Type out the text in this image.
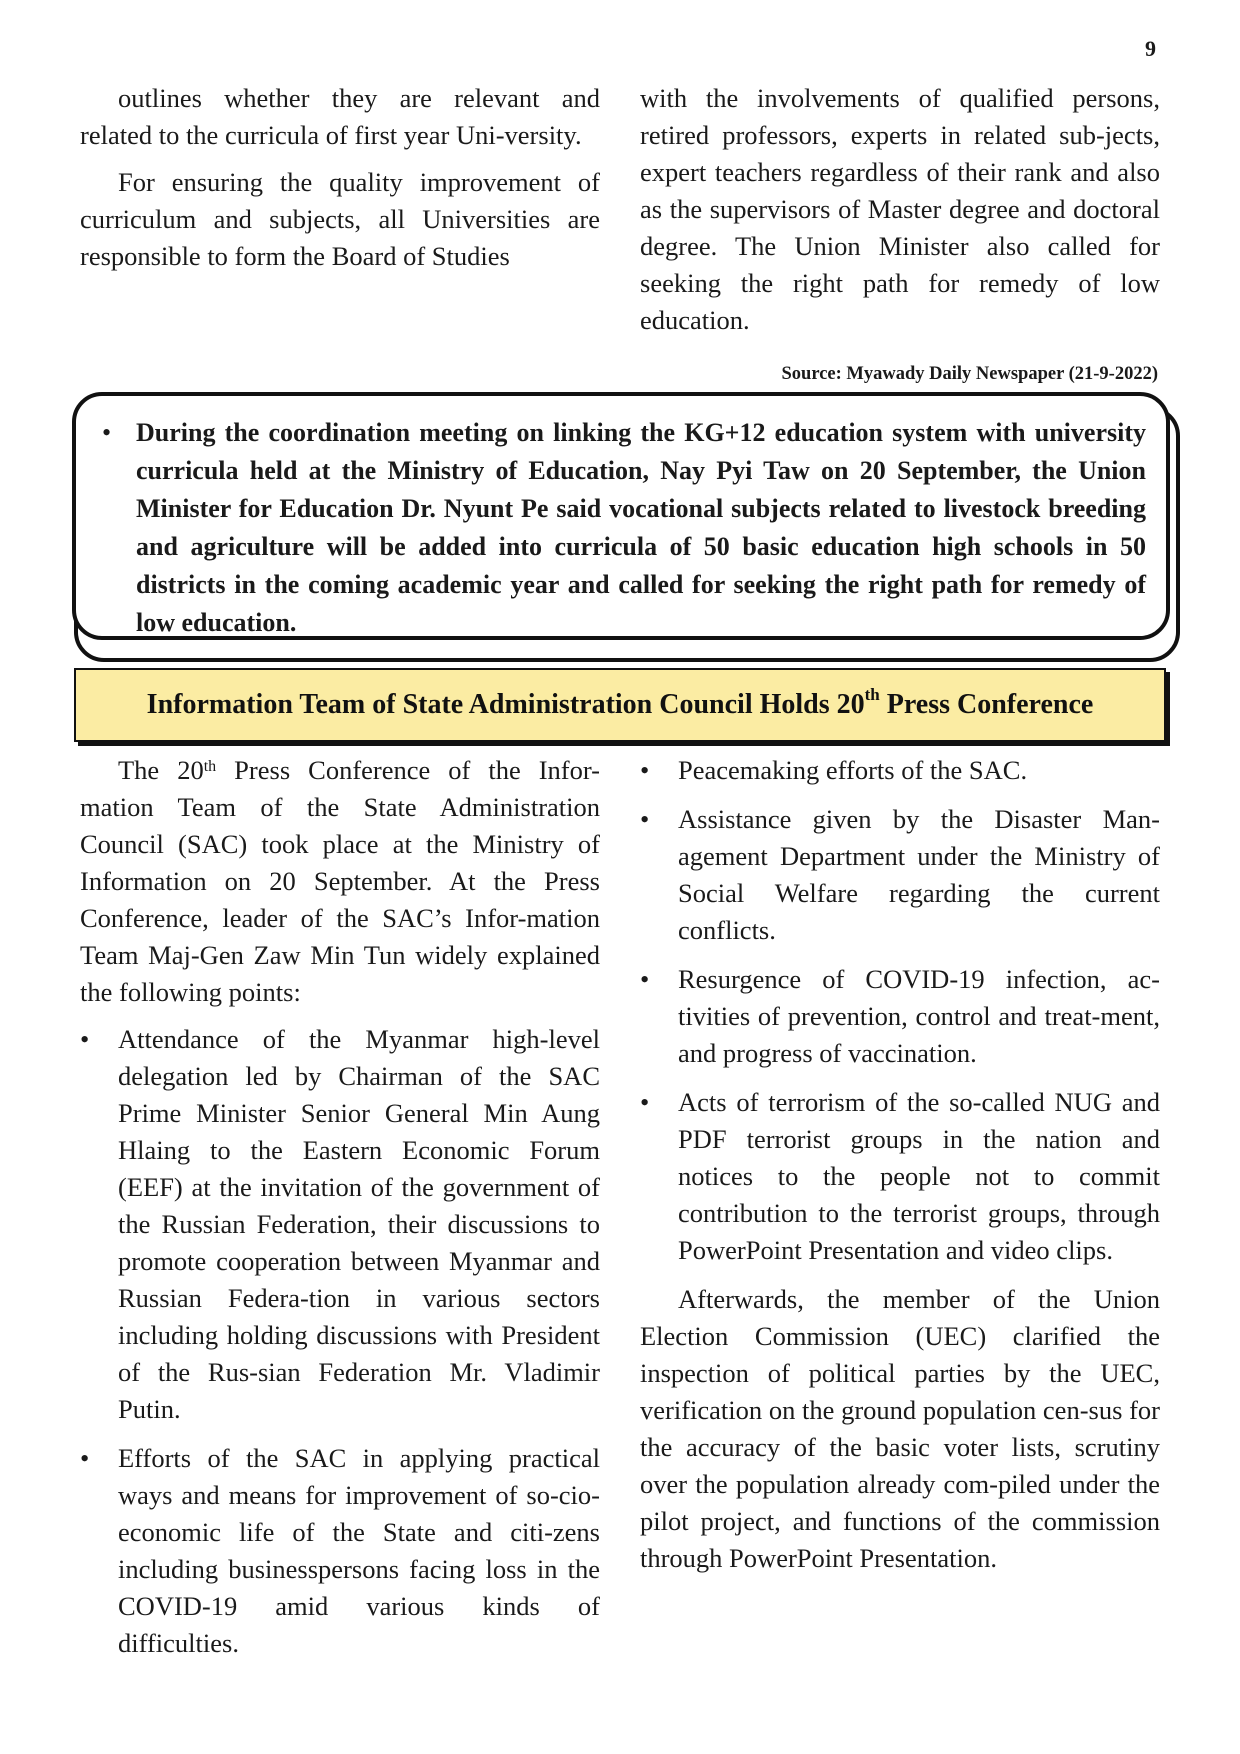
9

outlines whether they are relevant and related to the curricula of first year Uni-versity.

For ensuring the quality improvement of curriculum and subjects, all Universities are responsible to form the Board of Studies

with the involvements of qualified persons, retired professors, experts in related sub-jects, expert teachers regardless of their rank and also as the supervisors of Master degree and doctoral degree. The Union Minister also called for seeking the right path for remedy of low education.

Source: Myawady Daily Newspaper (21-9-2022)
• During the coordination meeting on linking the KG+12 education system with university curricula held at the Ministry of Education, Nay Pyi Taw on 20 September, the Union Minister for Education Dr. Nyunt Pe said vocational subjects related to livestock breeding and agriculture will be added into curricula of 50 basic education high schools in 50 districts in the coming academic year and called for seeking the right path for remedy of low education.
Information Team of State Administration Council Holds 20th Press Conference

The 20th Press Conference of the Infor-mation Team of the State Administration Council (SAC) took place at the Ministry of Information on 20 September. At the Press Conference, leader of the SAC’s Infor-mation Team Maj-Gen Zaw Min Tun widely explained the following points:

• Attendance of the Myanmar high-level delegation led by Chairman of the SAC Prime Minister Senior General Min Aung Hlaing to the Eastern Economic Forum (EEF) at the invitation of the government of the Russian Federation, their discussions to promote cooperation between Myanmar and Russian Federa-tion in various sectors including holding discussions with President of the Rus-sian Federation Mr. Vladimir Putin.

• Efforts of the SAC in applying practical ways and means for improvement of so-cio-economic life of the State and citi-zens including businesspersons facing loss in the COVID-19 amid various kinds of difficulties.

• Peacemaking efforts of the SAC.

• Assistance given by the Disaster Man-agement Department under the Ministry of Social Welfare regarding the current conflicts.

• Resurgence of COVID-19 infection, ac-tivities of prevention, control and treat-ment, and progress of vaccination.

• Acts of terrorism of the so-called NUG and PDF terrorist groups in the nation and notices to the people not to commit contribution to the terrorist groups, through PowerPoint Presentation and video clips.

Afterwards, the member of the Union Election Commission (UEC) clarified the inspection of political parties by the UEC, verification on the ground population cen-sus for the accuracy of the basic voter lists, scrutiny over the population already com-piled under the pilot project, and functions of the commission through PowerPoint Presentation.
